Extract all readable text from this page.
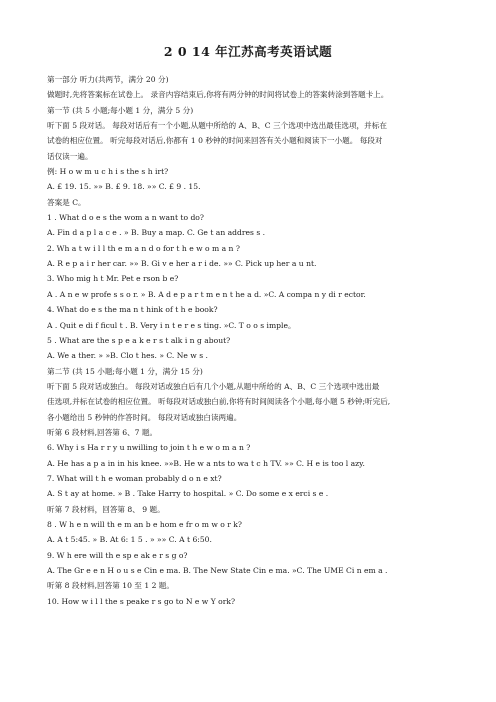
2 0 14 年江苏高考英语试题
第一部分 听力(共两节，满分 20 分)
做题时,先将答案标在试卷上。 录音内容结束后,你将有两分钟的时间将试卷上的答案转涂到答题卡上。
第一节 (共 5 小题;每小题 1 分，满分 5 分)
听下面 5 段对话。 每段对话后有一个小题,从题中所给的 A、B、C 三个选项中选出最佳选项，并标在
试卷的相应位置。 听完每段对话后,你都有 1 0 秒钟的时间来回答有关小题和阅读下一小题。 每段对
话仅读一遍。
例: H o w m u c h i s the s h irt?
A. £ 19. 15. »» B. £ 9. 18. »» C. £ 9 . 15.
答案是 C。
1 . What d o e s the wom a n want to do?
A. Fin d a p l a c e . » B. Buy a map. C. Ge t an addres s .
2. Wh a t w i l l th e m a n d o for t h e w o m a n ?
A. R e p a i r her car. »» B. Gi v e her a r i de. »» C. Pick up her a u nt.
3. Who mig h t Mr. Pet e rson b e?
A . A n e w profe s s o r. » B. A d e p a r t m e n t he a d. »C. A compa n y di r ector.
4. What do e s the ma n t hink of t h e book?
A . Quit e di f ficul t . B. Very i n t e r e s ting. »C. T o o s imple。
5 . What are the s p e a k e r s t alk i n g about?
A. We a ther. » »B. Clo t hes. » C. Ne w s .
第二节 (共 15 小题;每小题 1 分，满分 15 分)
听下面 5 段对话或独白。 每段对话或独白后有几个小题,从题中所给的 A、B、C 三个选项中选出最
佳选项,并标在试卷的相应位置。 听每段对话或独白前,你将有时间阅读各个小题,每小题 5 秒钟;听完后,
各小题给出 5 秒钟的作答时间。 每段对话或独白读两遍。
听第 6 段材料,回答第 6、7 题。
6. Why i s Ha r r y u nwilling to join t h e w o m a n ?
A. He has a p a in in his knee. »»B. He w a nts to wa t c h TV. »» C. H e is too l azy.
7. What will t h e woman probably d o n e xt?
A. S t ay at home. » B . Take Harry to hospital. » C. Do some e x erci s e .
听第 7 段材料，回答第 8、 9 题。
8 . W h e n will th e m an b e hom e fr o m w o r k?
A. A t 5:45. » B. At 6: 1 5 . » »» C. A t 6:50.
9. W h ere will th e sp e ak e r s g o?
A. The Gr e e n H o u s e Cin e ma. B. The New State Cin e ma. »C. The UME Ci n em a .
听第 8 段材料,回答第 10 至 1 2 题。
10. How w i l l the s peake r s go to N e w Y ork?
